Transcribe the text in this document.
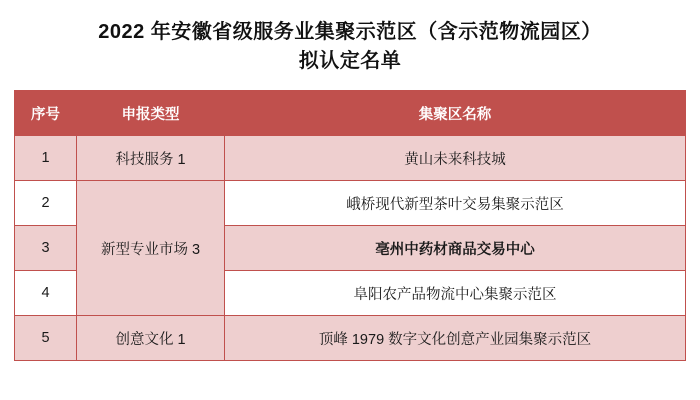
2022 年安徽省级服务业集聚示范区（含示范物流园区）
拟认定名单
序号	申报类型	集聚区名称
1	科技服务 1	黄山未来科技城
2	新型专业市场 3	峨桥现代新型茶叶交易集聚示范区
3		亳州中药材商品交易中心
4		阜阳农产品物流中心集聚示范区
5	创意文化 1	顶峰 1979 数字文化创意产业园集聚示范区
